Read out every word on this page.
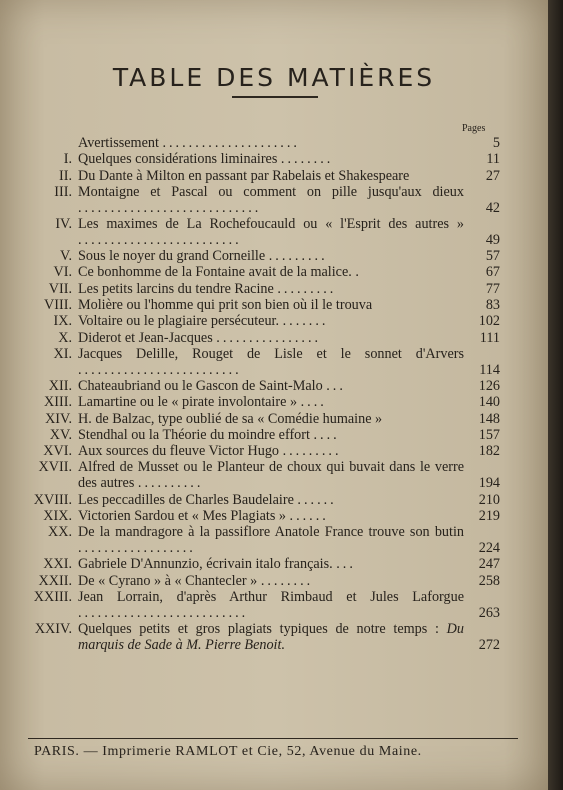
TABLE DES MATIÈRES
Pages
Avertissement .....................	5
I. Quelques considérations liminaires ........	11
II. Du Dante à Milton en passant par Rabelais et Shakespeare	27
III. Montaigne et Pascal ou comment on pille jusqu'aux dieux ............................	42
IV. Les maximes de La Rochefoucauld ou « l'Esprit des autres » .........................	49
V. Sous le noyer du grand Corneille .........	57
VI. Ce bonhomme de la Fontaine avait de la malice. .	67
VII. Les petits larcins du tendre Racine .........	77
VIII. Molière ou l'homme qui prit son bien où il le trouva	83
IX. Voltaire ou le plagiaire persécuteur. .......	102
X. Diderot et Jean-Jacques ................	111
XI. Jacques Delille, Rouget de Lisle et le sonnet d'Arvers .........................	114
XII. Chateaubriand ou le Gascon de Saint-Malo ...	126
XIII. Lamartine ou le « pirate involontaire » ....	140
XIV. H. de Balzac, type oublié de sa « Comédie humaine »	148
XV. Stendhal ou la Théorie du moindre effort ....	157
XVI. Aux sources du fleuve Victor Hugo .........	182
XVII. Alfred de Musset ou le Planteur de choux qui buvait dans le verre des autres ..........	194
XVIII. Les peccadilles de Charles Baudelaire ......	210
XIX. Victorien Sardou et « Mes Plagiats » ......	219
XX. De la mandragore à la passiflore Anatole France trouve son butin ..................	224
XXI. Gabriele D'Annunzio, écrivain italo français. ...	247
XXII. De « Cyrano » à « Chantecler » ........	258
XXIII. Jean Lorrain, d'après Arthur Rimbaud et Jules Laforgue ..........................	263
XXIV. Quelques petits et gros plagiats typiques de notre temps : Du marquis de Sade à M. Pierre Benoit.	272
PARIS. — Imprimerie RAMLOT et Cie, 52, Avenue du Maine.
